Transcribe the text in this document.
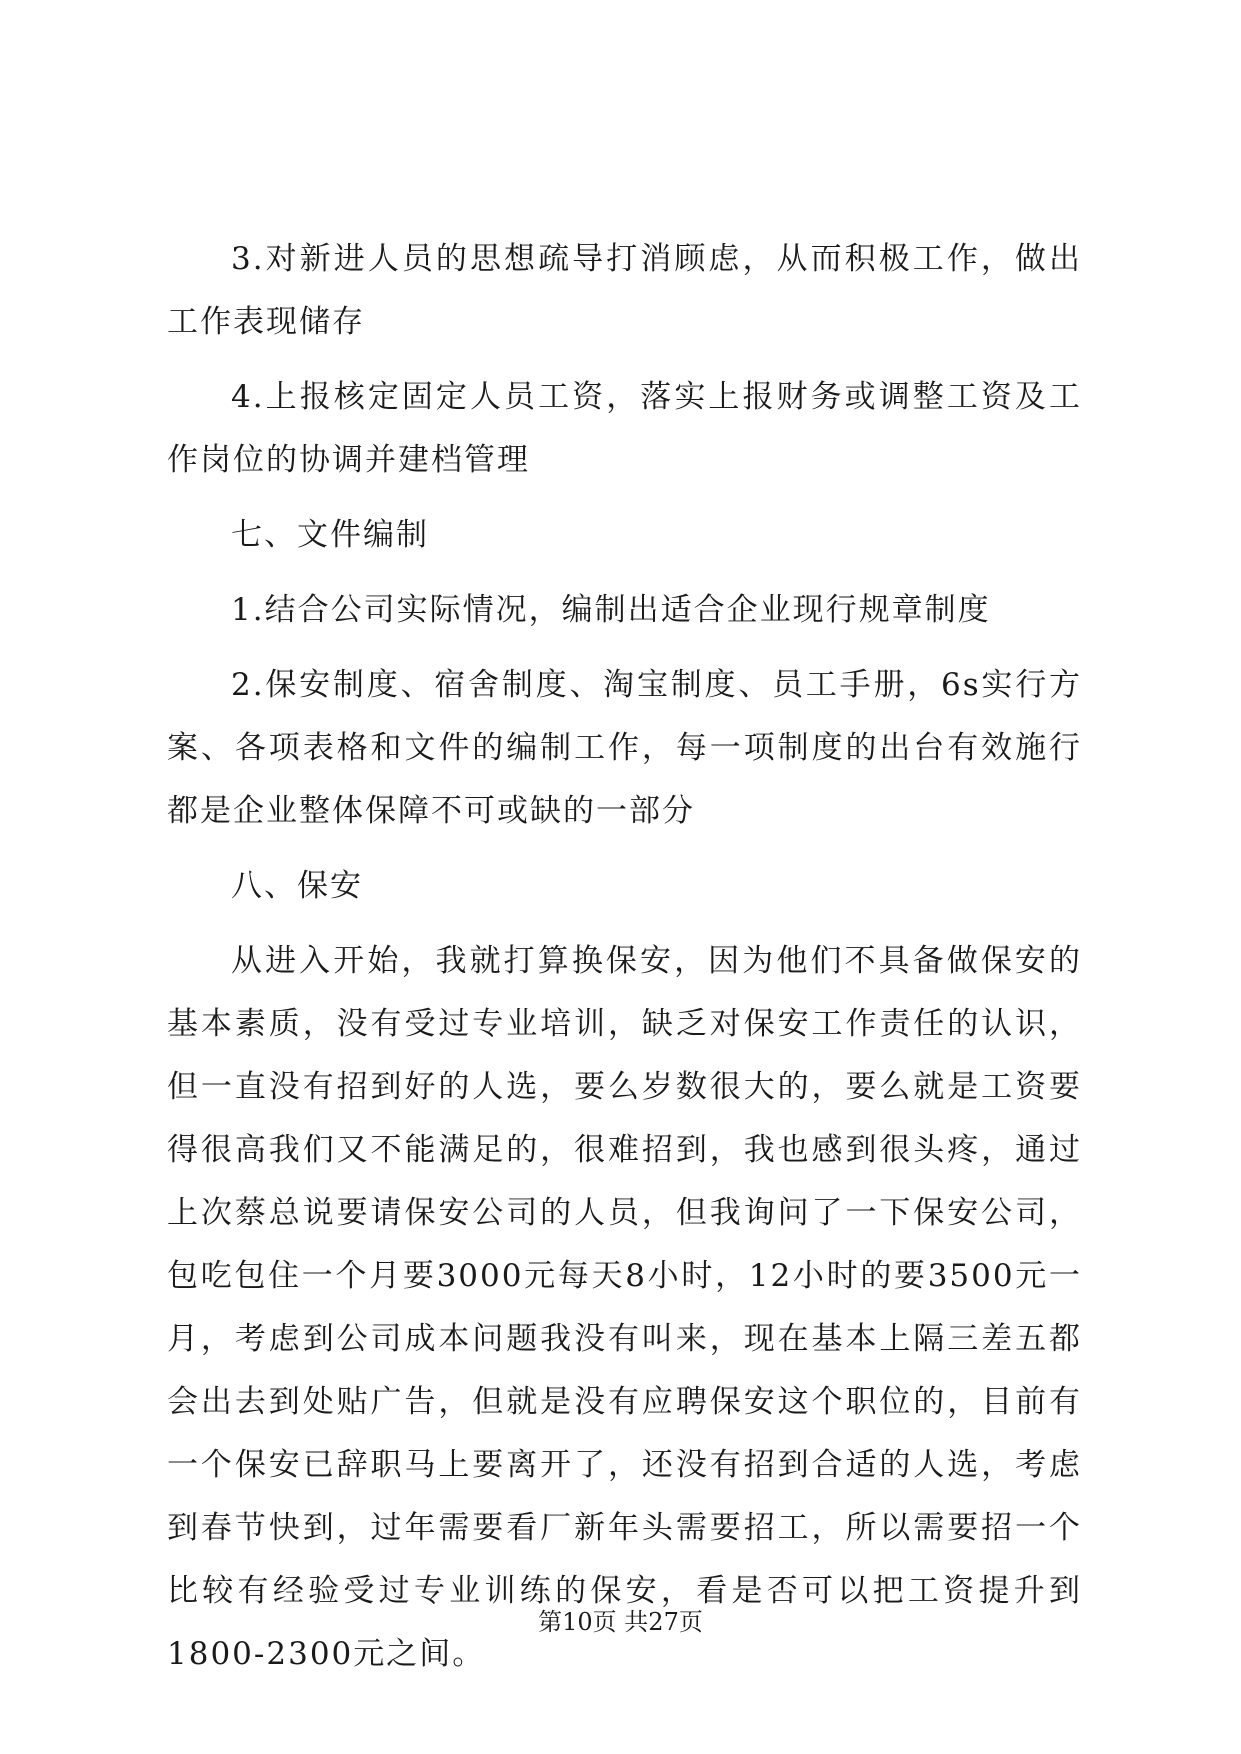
3.对新进人员的思想疏导打消顾虑，从而积极工作，做出工作表现储存

4.上报核定固定人员工资，落实上报财务或调整工资及工作岗位的协调并建档管理

七、文件编制

1.结合公司实际情况，编制出适合企业现行规章制度

2.保安制度、宿舍制度、淘宝制度、员工手册，6s实行方案、各项表格和文件的编制工作，每一项制度的出台有效施行都是企业整体保障不可或缺的一部分

八、保安

从进入开始，我就打算换保安，因为他们不具备做保安的基本素质，没有受过专业培训，缺乏对保安工作责任的认识，但一直没有招到好的人选，要么岁数很大的，要么就是工资要得很高我们又不能满足的，很难招到，我也感到很头疼，通过上次蔡总说要请保安公司的人员，但我询问了一下保安公司，包吃包住一个月要3000元每天8小时，12小时的要3500元一月，考虑到公司成本问题我没有叫来，现在基本上隔三差五都会出去到处贴广告，但就是没有应聘保安这个职位的，目前有一个保安已辞职马上要离开了，还没有招到合适的人选，考虑到春节快到，过年需要看厂新年头需要招工，所以需要招一个比较有经验受过专业训练的保安，看是否可以把工资提升到1800-2300元之间。

第10页 共27页
